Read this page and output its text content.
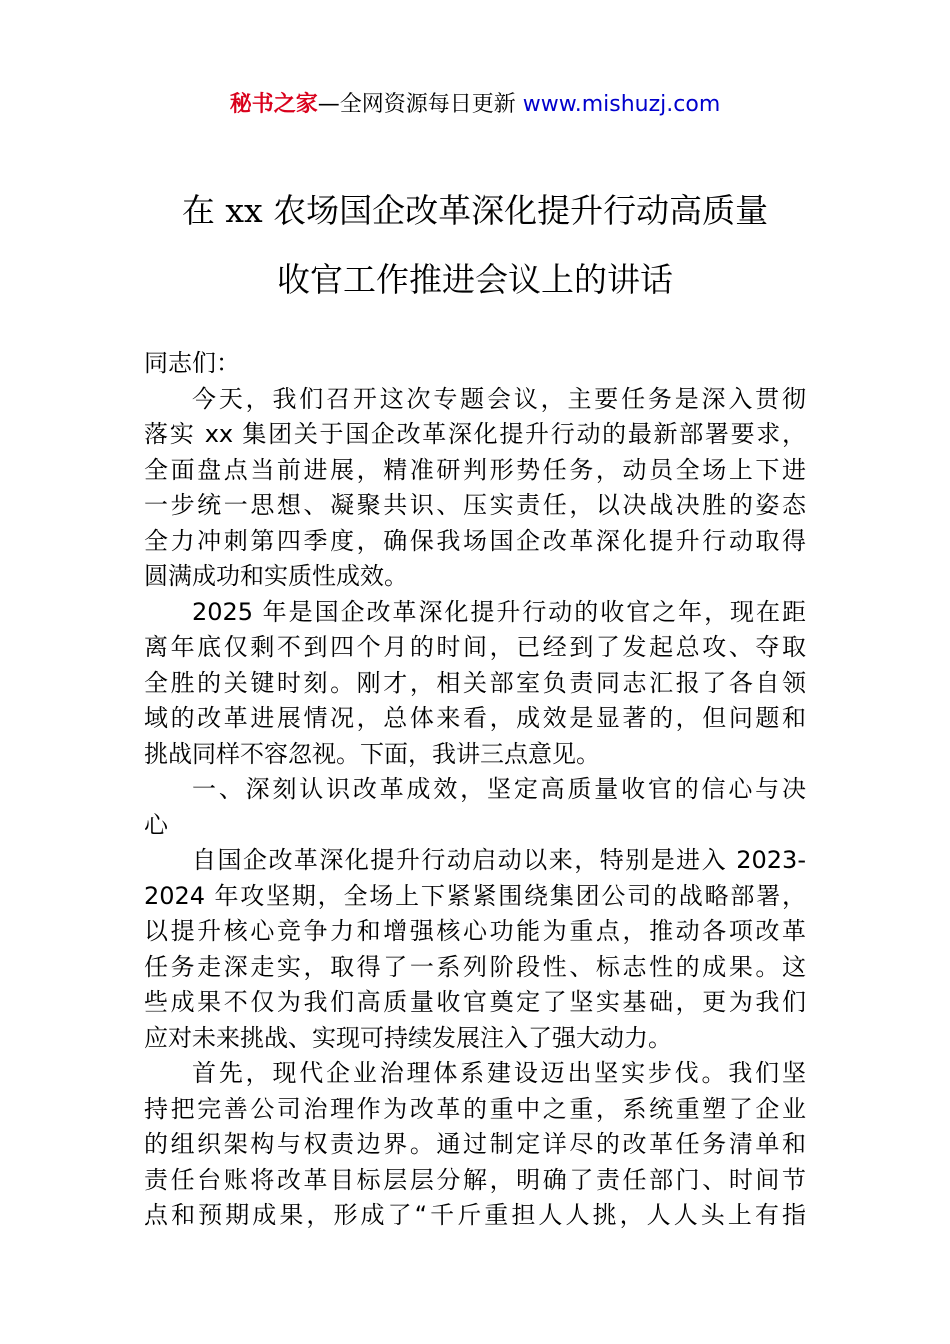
秘书之家—全网资源每日更新 www.mishuzj.com
在 xx 农场国企改革深化提升行动高质量
收官工作推进会议上的讲话

同志们：

今天，我们召开这次专题会议，主要任务是深入贯彻
落实 xx 集团关于国企改革深化提升行动的最新部署要求，
全面盘点当前进展，精准研判形势任务，动员全场上下进
一步统一思想、凝聚共识、压实责任，以决战决胜的姿态
全力冲刺第四季度，确保我场国企改革深化提升行动取得
圆满成功和实质性成效。

2025 年是国企改革深化提升行动的收官之年，现在距
离年底仅剩不到四个月的时间，已经到了发起总攻、夺取
全胜的关键时刻。刚才，相关部室负责同志汇报了各自领
域的改革进展情况，总体来看，成效是显著的，但问题和
挑战同样不容忽视。下面，我讲三点意见。

一、深刻认识改革成效，坚定高质量收官的信心与决
心

自国企改革深化提升行动启动以来，特别是进入 2023-
2024 年攻坚期，全场上下紧紧围绕集团公司的战略部署，
以提升核心竞争力和增强核心功能为重点，推动各项改革
任务走深走实，取得了一系列阶段性、标志性的成果。这
些成果不仅为我们高质量收官奠定了坚实基础，更为我们
应对未来挑战、实现可持续发展注入了强大动力。

首先，现代企业治理体系建设迈出坚实步伐。我们坚
持把完善公司治理作为改革的重中之重，系统重塑了企业
的组织架构与权责边界。通过制定详尽的改革任务清单和
责任台账将改革目标层层分解，明确了责任部门、时间节
点和预期成果，形成了“千斤重担人人挑，人人头上有指
